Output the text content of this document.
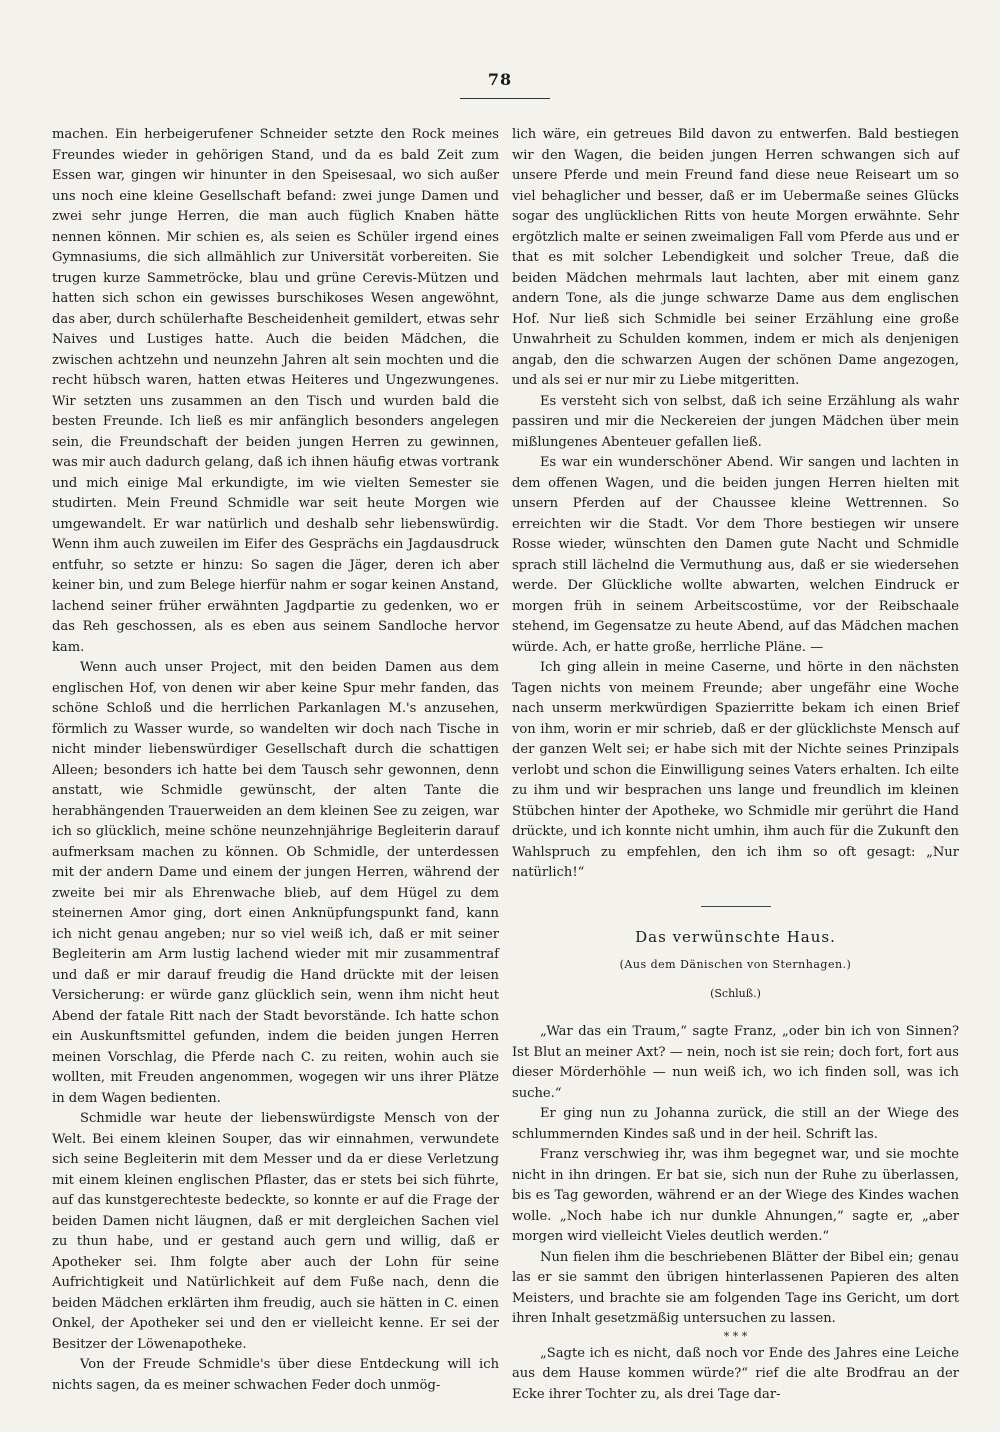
78

machen. Ein herbeigerufener Schneider setzte den Rock meines Freundes wieder in gehörigen Stand, und da es bald Zeit zum Essen war, gingen wir hinunter in den Speisesaal, wo sich außer uns noch eine kleine Gesellschaft befand: zwei junge Damen und zwei sehr junge Herren, die man auch füglich Knaben hätte nennen können. Mir schien es, als seien es Schüler irgend eines Gymnasiums, die sich allmählich zur Universität vorbereiten. Sie trugen kurze Sammetröcke, blau und grüne Cerevis-Mützen und hatten sich schon ein gewisses burschikoses Wesen angewöhnt, das aber, durch schülerhafte Bescheidenheit gemildert, etwas sehr Naives und Lustiges hatte. Auch die beiden Mädchen, die zwischen achtzehn und neunzehn Jahren alt sein mochten und die recht hübsch waren, hatten etwas Heiteres und Ungezwungenes. Wir setzten uns zusammen an den Tisch und wurden bald die besten Freunde. Ich ließ es mir anfänglich besonders angelegen sein, die Freundschaft der beiden jungen Herren zu gewinnen, was mir auch dadurch gelang, daß ich ihnen häufig etwas vortrank und mich einige Mal erkundigte, im wie vielten Semester sie studirten. Mein Freund Schmidle war seit heute Morgen wie umgewandelt. Er war natürlich und deshalb sehr liebenswürdig. Wenn ihm auch zuweilen im Eifer des Gesprächs ein Jagdausdruck entfuhr, so setzte er hinzu: So sagen die Jäger, deren ich aber keiner bin, und zum Belege hierfür nahm er sogar keinen Anstand, lachend seiner früher erwähnten Jagdpartie zu gedenken, wo er das Reh geschossen, als es eben aus seinem Sandloche hervor kam.

Wenn auch unser Project, mit den beiden Damen aus dem englischen Hof, von denen wir aber keine Spur mehr fanden, das schöne Schloß und die herrlichen Parkanlagen M.'s anzusehen, förmlich zu Wasser wurde, so wandelten wir doch nach Tische in nicht minder liebenswürdiger Gesellschaft durch die schattigen Alleen; besonders ich hatte bei dem Tausch sehr gewonnen, denn anstatt, wie Schmidle gewünscht, der alten Tante die herabhängenden Trauerweiden an dem kleinen See zu zeigen, war ich so glücklich, meine schöne neunzehnjährige Begleiterin darauf aufmerksam machen zu können. Ob Schmidle, der unterdessen mit der andern Dame und einem der jungen Herren, während der zweite bei mir als Ehrenwache blieb, auf dem Hügel zu dem steinernen Amor ging, dort einen Anknüpfungspunkt fand, kann ich nicht genau angeben; nur so viel weiß ich, daß er mit seiner Begleiterin am Arm lustig lachend wieder mit mir zusammentraf und daß er mir darauf freudig die Hand drückte mit der leisen Versicherung: er würde ganz glücklich sein, wenn ihm nicht heut Abend der fatale Ritt nach der Stadt bevorstände. Ich hatte schon ein Auskunftsmittel gefunden, indem die beiden jungen Herren meinen Vorschlag, die Pferde nach C. zu reiten, wohin auch sie wollten, mit Freuden angenommen, wogegen wir uns ihrer Plätze in dem Wagen bedienten.

Schmidle war heute der liebenswürdigste Mensch von der Welt. Bei einem kleinen Souper, das wir einnahmen, verwundete sich seine Begleiterin mit dem Messer und da er diese Verletzung mit einem kleinen englischen Pflaster, das er stets bei sich führte, auf das kunstgerechteste bedeckte, so konnte er auf die Frage der beiden Damen nicht läugnen, daß er mit dergleichen Sachen viel zu thun habe, und er gestand auch gern und willig, daß er Apotheker sei. Ihm folgte aber auch der Lohn für seine Aufrichtigkeit und Natürlichkeit auf dem Fuße nach, denn die beiden Mädchen erklärten ihm freudig, auch sie hätten in C. einen Onkel, der Apotheker sei und den er vielleicht kenne. Er sei der Besitzer der Löwenapotheke.

Von der Freude Schmidle's über diese Entdeckung will ich nichts sagen, da es meiner schwachen Feder doch unmög-

lich wäre, ein getreues Bild davon zu entwerfen. Bald bestiegen wir den Wagen, die beiden jungen Herren schwangen sich auf unsere Pferde und mein Freund fand diese neue Reiseart um so viel behaglicher und besser, daß er im Uebermaße seines Glücks sogar des unglücklichen Ritts von heute Morgen erwähnte. Sehr ergötzlich malte er seinen zweimaligen Fall vom Pferde aus und er that es mit solcher Lebendigkeit und solcher Treue, daß die beiden Mädchen mehrmals laut lachten, aber mit einem ganz andern Tone, als die junge schwarze Dame aus dem englischen Hof. Nur ließ sich Schmidle bei seiner Erzählung eine große Unwahrheit zu Schulden kommen, indem er mich als denjenigen angab, den die schwarzen Augen der schönen Dame angezogen, und als sei er nur mir zu Liebe mitgeritten.

Es versteht sich von selbst, daß ich seine Erzählung als wahr passiren und mir die Neckereien der jungen Mädchen über mein mißlungenes Abenteuer gefallen ließ.

Es war ein wunderschöner Abend. Wir sangen und lachten in dem offenen Wagen, und die beiden jungen Herren hielten mit unsern Pferden auf der Chaussee kleine Wettrennen. So erreichten wir die Stadt. Vor dem Thore bestiegen wir unsere Rosse wieder, wünschten den Damen gute Nacht und Schmidle sprach still lächelnd die Vermuthung aus, daß er sie wiedersehen werde. Der Glückliche wollte abwarten, welchen Eindruck er morgen früh in seinem Arbeitscostüme, vor der Reibschaale stehend, im Gegensatze zu heute Abend, auf das Mädchen machen würde. Ach, er hatte große, herrliche Pläne. —

Ich ging allein in meine Caserne, und hörte in den nächsten Tagen nichts von meinem Freunde; aber ungefähr eine Woche nach unserm merkwürdigen Spazierritte bekam ich einen Brief von ihm, worin er mir schrieb, daß er der glücklichste Mensch auf der ganzen Welt sei; er habe sich mit der Nichte seines Prinzipals verlobt und schon die Einwilligung seines Vaters erhalten. Ich eilte zu ihm und wir besprachen uns lange und freundlich im kleinen Stübchen hinter der Apotheke, wo Schmidle mir gerührt die Hand drückte, und ich konnte nicht umhin, ihm auch für die Zukunft den Wahlspruch zu empfehlen, den ich ihm so oft gesagt: „Nur natürlich!“

Das verwünschte Haus.
(Aus dem Dänischen von Sternhagen.)
(Schluß.)

„War das ein Traum,“ sagte Franz, „oder bin ich von Sinnen? Ist Blut an meiner Axt? — nein, noch ist sie rein; doch fort, fort aus dieser Mörderhöhle — nun weiß ich, wo ich finden soll, was ich suche.“

Er ging nun zu Johanna zurück, die still an der Wiege des schlummernden Kindes saß und in der heil. Schrift las.

Franz verschwieg ihr, was ihm begegnet war, und sie mochte nicht in ihn dringen. Er bat sie, sich nun der Ruhe zu überlassen, bis es Tag geworden, während er an der Wiege des Kindes wachen wolle. „Noch habe ich nur dunkle Ahnungen,“ sagte er, „aber morgen wird vielleicht Vieles deutlich werden.“

Nun fielen ihm die beschriebenen Blätter der Bibel ein; genau las er sie sammt den übrigen hinterlassenen Papieren des alten Meisters, und brachte sie am folgenden Tage ins Gericht, um dort ihren Inhalt gesetzmäßig untersuchen zu lassen.

* * *

„Sagte ich es nicht, daß noch vor Ende des Jahres eine Leiche aus dem Hause kommen würde?“ rief die alte Brodfrau an der Ecke ihrer Tochter zu, als drei Tage dar-
